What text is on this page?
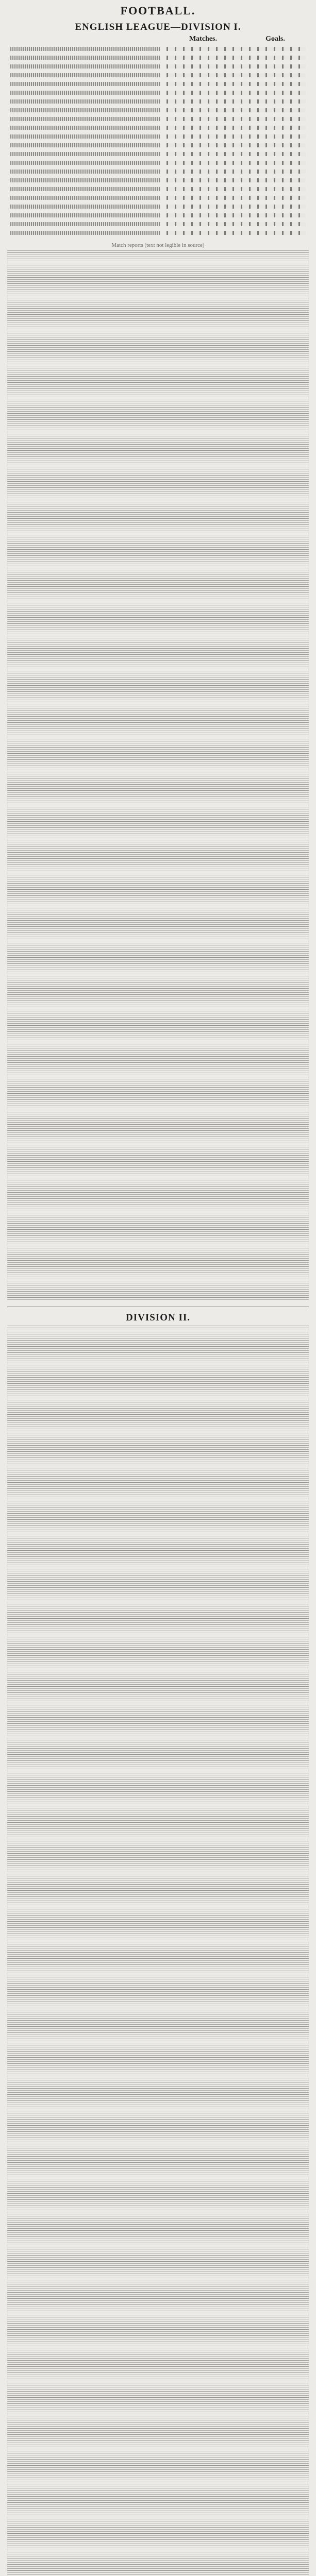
FOOTBALL.
ENGLISH LEAGUE—DIVISION I.
Matches.	Goals.
Match reports (text not legible in source)
DIVISION II.
